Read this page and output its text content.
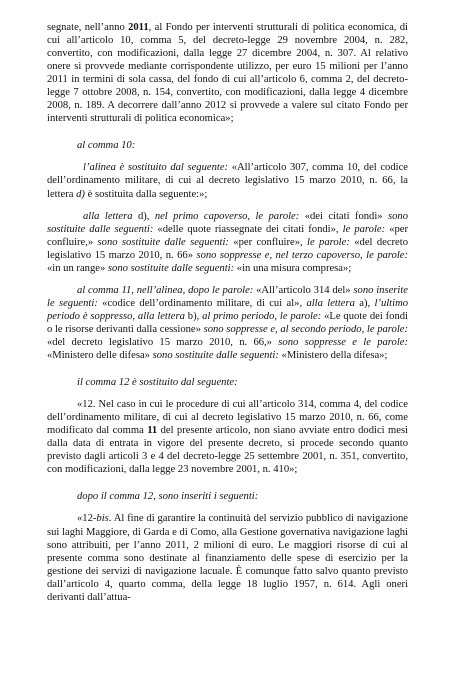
segnate, nell’anno 2011, al Fondo per interventi strutturali di politica economica, di cui all’articolo 10, comma 5, del decreto-legge 29 novembre 2004, n. 282, convertito, con modificazioni, dalla legge 27 dicembre 2004, n. 307. Al relativo onere si provvede mediante corrispondente utilizzo, per euro 15 milioni per l’anno 2011 in termini di sola cassa, del fondo di cui all’articolo 6, comma 2, del decreto-legge 7 ottobre 2008, n. 154, convertito, con modificazioni, dalla legge 4 dicembre 2008, n. 189. A decorrere dall’anno 2012 si provvede a valere sul citato Fondo per interventi strutturali di politica economica»;

al comma 10:

l’alinea è sostituito dal seguente: «All’articolo 307, comma 10, del codice dell’ordinamento militare, di cui al decreto legislativo 15 marzo 2010, n. 66, la lettera d) è sostituita dalla seguente:»;

alla lettera d), nel primo capoverso, le parole: «dei citati fondi» sono sostituite dalle seguenti: «delle quote riassegnate dei citati fondi», le parole: «per confluire,» sono sostituite dalle seguenti: «per confluire», le parole: «del decreto legislativo 15 marzo 2010, n. 66» sono soppresse e, nel terzo capoverso, le parole: «in un range» sono sostituite dalle seguenti: «in una misura compresa»;

al comma 11, nell’alinea, dopo le parole: «All’articolo 314 del» sono inserite le seguenti: «codice dell’ordinamento militare, di cui al», alla lettera a), l’ultimo periodo è soppresso, alla lettera b), al primo periodo, le parole: «Le quote dei fondi o le risorse derivanti dalla cessione» sono soppresse e, al secondo periodo, le parole: «del decreto legislativo 15 marzo 2010, n. 66,» sono soppresse e le parole: «Ministero delle difesa» sono sostituite dalle seguenti: «Ministero della difesa»;

il comma 12 è sostituito dal seguente:

«12. Nel caso in cui le procedure di cui all’articolo 314, comma 4, del codice dell’ordinamento militare, di cui al decreto legislativo 15 marzo 2010, n. 66, come modificato dal comma 11 del presente articolo, non siano avviate entro dodici mesi dalla data di entrata in vigore del presente decreto, si procede secondo quanto previsto dagli articoli 3 e 4 del decreto-legge 25 settembre 2001, n. 351, convertito, con modificazioni, dalla legge 23 novembre 2001, n. 410»;

dopo il comma 12, sono inseriti i seguenti:

«12-bis. Al fine di garantire la continuità del servizio pubblico di navigazione sui laghi Maggiore, di Garda e di Como, alla Gestione governativa navigazione laghi sono attribuiti, per l’anno 2011, 2 milioni di euro. Le maggiori risorse di cui al presente comma sono destinate al finanziamento delle spese di esercizio per la gestione dei servizi di navigazione lacuale. È comunque fatto salvo quanto previsto dall’articolo 4, quarto comma, della legge 18 luglio 1957, n. 614. Agli oneri derivanti dall’attua-
